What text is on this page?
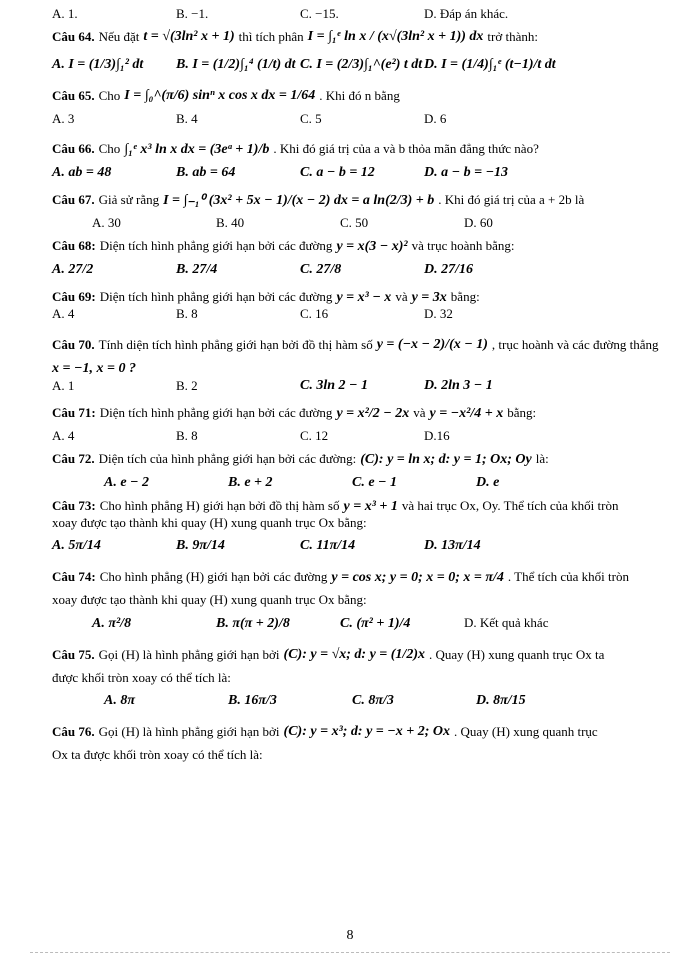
A. 1.	B. −1.	C. −15.	D. Đáp án khác.
Câu 64. Nếu đặt t = √(3ln² x + 1) thì tích phân I = ∫₁ᵉ ln x / (x√(3ln² x + 1)) dx trở thành:
A. I = (1/3)∫₁² dt	B. I = (1/2)∫₁⁴ (1/t) dt C. I = (2/3)∫₁^(e²) t dt D. I = (1/4)∫₁ᵉ (t−1)/t dt
Câu 65. Cho I = ∫₀^(π/6) sinⁿ x cos x dx = 1/64 . Khi đó n bằng
A. 3	B. 4	C. 5	D. 6
Câu 66. Cho ∫₁ᵉ x³ ln x dx = (3eᵃ + 1)/b . Khi đó giá trị của a và b thỏa mãn đẳng thức nào?
A. ab = 48	B. ab = 64	C. a − b = 12	D. a − b = −13
Câu 67. Giả sử rằng I = ∫₋₁⁰ (3x² + 5x − 1)/(x − 2) dx = a ln(2/3) + b . Khi đó giá trị của a + 2b là
A. 30	B. 40	C. 50	D. 60
Câu 68: Diện tích hình phẳng giới hạn bởi các đường y = x(3 − x)² và trục hoành bằng:
A. 27/2	B. 27/4	C. 27/8	D. 27/16
Câu 69: Diện tích hình phẳng giới hạn bởi các đường y = x³ − x và y = 3x bằng:
A. 4	B. 8	C. 16	D. 32
Câu 70. Tính diện tích hình phẳng giới hạn bởi đồ thị hàm số y = (−x − 2)/(x − 1) , trục hoành và các đường thẳng
x = −1, x = 0 ?
A. 1	B. 2	C. 3ln 2 − 1	D. 2ln 3 − 1
Câu 71: Diện tích hình phẳng giới hạn bởi các đường y = x²/2 − 2x và y = −x²/4 + x bằng:
A. 4	B. 8	C. 12	D.16
Câu 72. Diện tích của hình phẳng giới hạn bởi các đường: (C): y = ln x; d: y = 1; Ox; Oy là:
A. e − 2	B. e + 2	C. e − 1	D. e
Câu 73: Cho hình phẳng H) giới hạn bởi đồ thị hàm số y = x³ + 1 và hai trục Ox, Oy. Thể tích của khối tròn
xoay được tạo thành khi quay (H) xung quanh trục Ox bằng:
A. 5π/14	B. 9π/14	C. 11π/14	D. 13π/14
Câu 74: Cho hình phẳng (H) giới hạn bởi các đường y = cos x; y = 0; x = 0; x = π/4 . Thể tích của khối tròn
xoay được tạo thành khi quay (H) xung quanh trục Ox bằng:
A. π²/8	B. π(π + 2)/8	C. (π² + 1)/4	D. Kết quả khác
Câu 75. Gọi (H) là hình phẳng giới hạn bởi (C): y = √x; d: y = (1/2)x . Quay (H) xung quanh trục Ox ta
được khối tròn xoay có thể tích là:
A. 8π	B. 16π/3	C. 8π/3	D. 8π/15
Câu 76. Gọi (H) là hình phẳng giới hạn bởi (C): y = x³; d: y = −x + 2; Ox . Quay (H) xung quanh trục
Ox ta được khối tròn xoay có thể tích là:
8
